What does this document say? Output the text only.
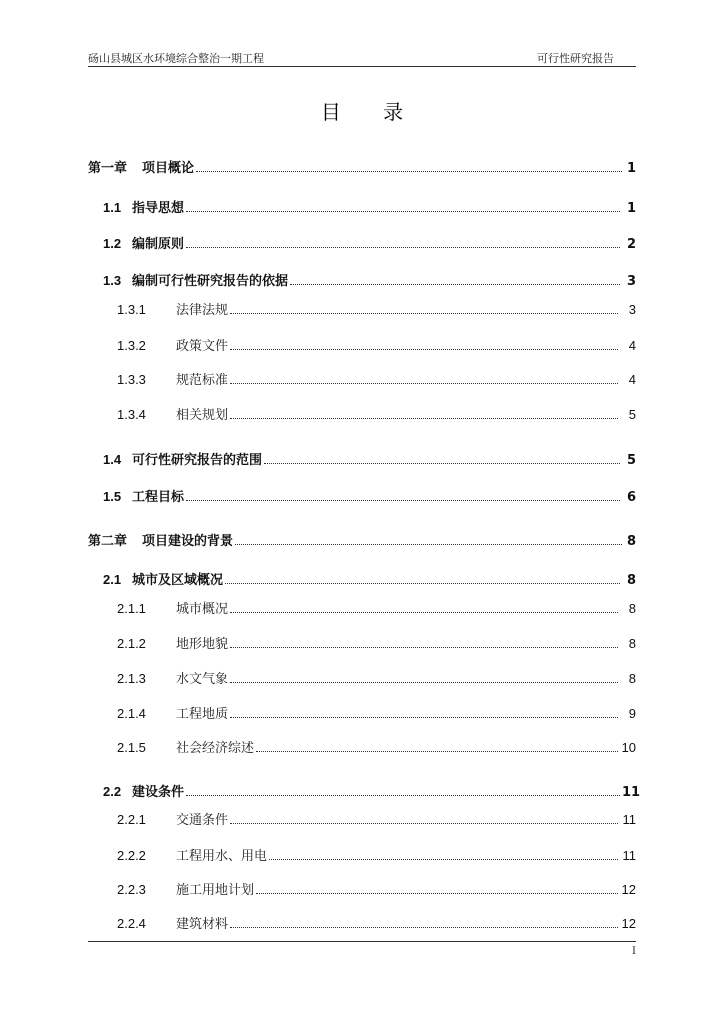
砀山县城区水环境综合整治一期工程	可行性研究报告
目 录
第一章	项目概论	1
1.1 指导思想	1
1.2 编制原则	2
1.3 编制可行性研究报告的依据	3
1.3.1	法律法规	3
1.3.2	政策文件	4
1.3.3	规范标准	4
1.3.4	相关规划	5
1.4 可行性研究报告的范围	5
1.5 工程目标	6
第二章	项目建设的背景	8
2.1 城市及区域概况	8
2.1.1	城市概况	8
2.1.2	地形地貌	8
2.1.3	水文气象	8
2.1.4	工程地质	9
2.1.5	社会经济综述	10
2.2 建设条件	11
2.2.1	交通条件	11
2.2.2	工程用水、用电	11
2.2.3	施工用地计划	12
2.2.4	建筑材料	12
I
